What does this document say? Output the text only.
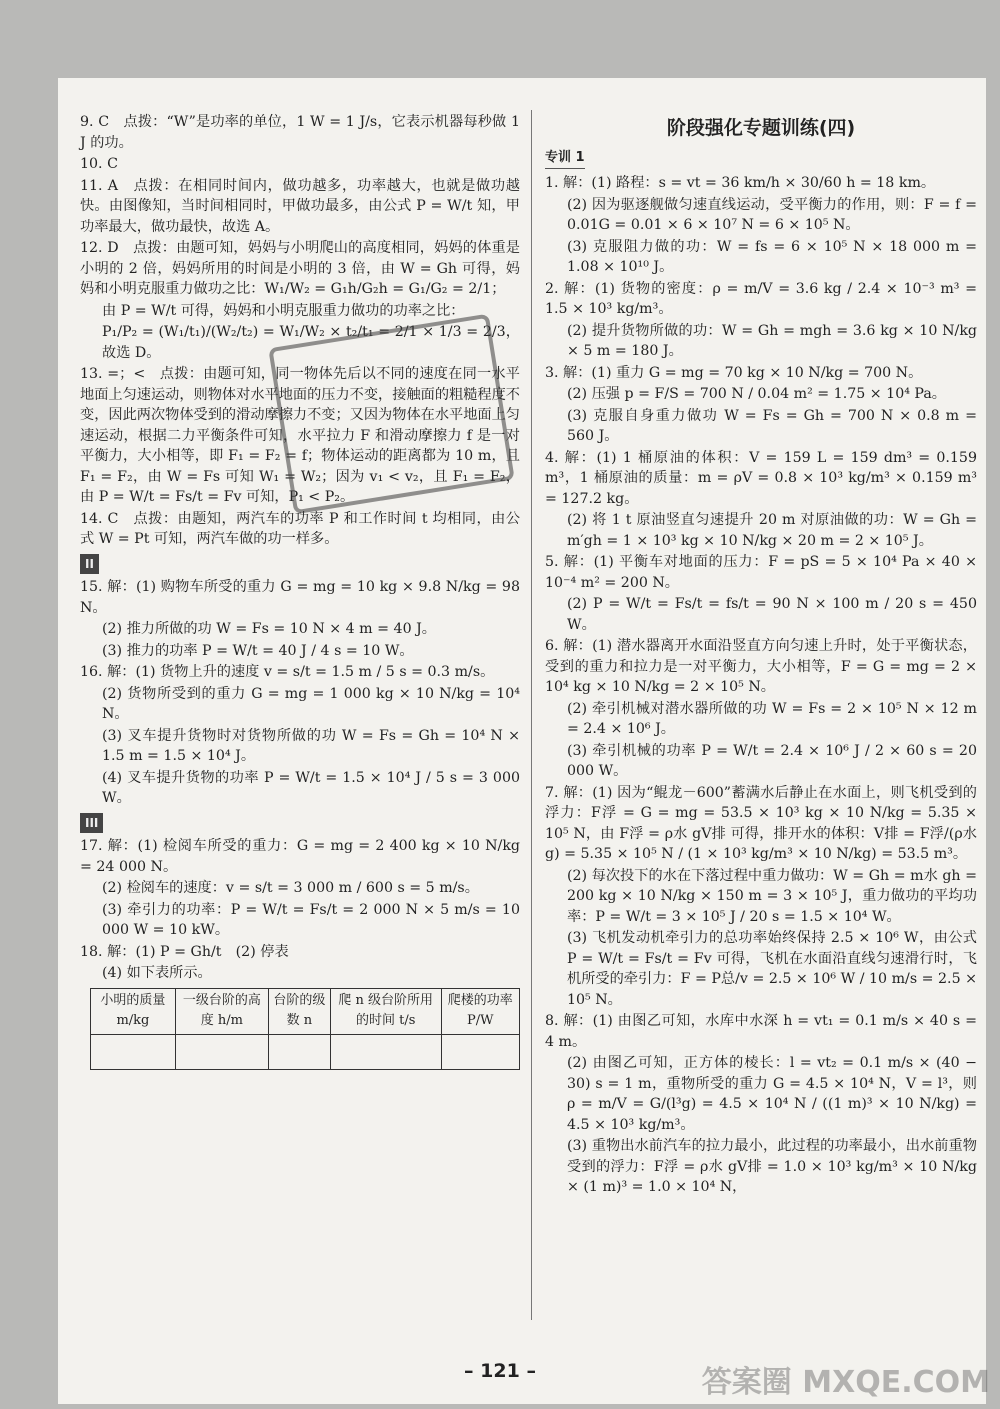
9. C　点拨：“W”是功率的单位，1 W = 1 J/s，它表示机器每秒做 1 J 的功。

10. C

11. A　点拨：在相同时间内，做功越多，功率越大，也就是做功越快。由图像知，当时间相同时，甲做功最多，由公式 P = W/t 知，甲功率最大，做功最快，故选 A。

12. D　点拨：由题可知，妈妈与小明爬山的高度相同，妈妈的体重是小明的 2 倍，妈妈所用的时间是小明的 3 倍，由 W = Gh 可得，妈妈和小明克服重力做功之比：W₁/W₂ = G₁h/G₂h = G₁/G₂ = 2/1；

由 P = W/t 可得，妈妈和小明克服重力做功的功率之比：

P₁/P₂ = (W₁/t₁)/(W₂/t₂) = W₁/W₂ × t₂/t₁ = 2/1 × 1/3 = 2/3，故选 D。

13. =；<　点拨：由题可知，同一物体先后以不同的速度在同一水平地面上匀速运动，则物体对水平地面的压力不变，接触面的粗糙程度不变，因此两次物体受到的滑动摩擦力不变；又因为物体在水平地面上匀速运动，根据二力平衡条件可知，水平拉力 F 和滑动摩擦力 f 是一对平衡力，大小相等，即 F₁ = F₂ = f；物体运动的距离都为 10 m，且 F₁ = F₂，由 W = Fs 可知 W₁ = W₂；因为 v₁ < v₂，且 F₁ = F₂，由 P = W/t = Fs/t = Fv 可知，P₁ < P₂。

14. C　点拨：由题知，两汽车的功率 P 和工作时间 t 均相同，由公式 W = Pt 可知，两汽车做的功一样多。

II

15. 解：(1) 购物车所受的重力 G = mg = 10 kg × 9.8 N/kg = 98 N。

(2) 推力所做的功 W = Fs = 10 N × 4 m = 40 J。

(3) 推力的功率 P = W/t = 40 J / 4 s = 10 W。

16. 解：(1) 货物上升的速度 v = s/t = 1.5 m / 5 s = 0.3 m/s。

(2) 货物所受到的重力 G = mg = 1 000 kg × 10 N/kg = 10⁴ N。

(3) 叉车提升货物时对货物所做的功 W = Fs = Gh = 10⁴ N × 1.5 m = 1.5 × 10⁴ J。

(4) 叉车提升货物的功率 P = W/t = 1.5 × 10⁴ J / 5 s = 3 000 W。

III

17. 解：(1) 检阅车所受的重力：G = mg = 2 400 kg × 10 N/kg = 24 000 N。

(2) 检阅车的速度：v = s/t = 3 000 m / 600 s = 5 m/s。

(3) 牵引力的功率：P = W/t = Fs/t = 2 000 N × 5 m/s = 10 000 W = 10 kW。

18. 解：(1) P = Gh/t　(2) 停表

(4) 如下表所示。

小明的质量 m/kg	一级台阶的高度 h/m	台阶的级数 n	爬 n 级台阶所用的时间 t/s	爬楼的功率 P/W

阶段强化专题训练(四)
专训 1

1. 解：(1) 路程：s = vt = 36 km/h × 30/60 h = 18 km。

(2) 因为驱逐舰做匀速直线运动，受平衡力的作用，则：F = f = 0.01G = 0.01 × 6 × 10⁷ N = 6 × 10⁵ N。

(3) 克服阻力做的功：W = fs = 6 × 10⁵ N × 18 000 m = 1.08 × 10¹⁰ J。

2. 解：(1) 货物的密度：ρ = m/V = 3.6 kg / 2.4 × 10⁻³ m³ = 1.5 × 10³ kg/m³。

(2) 提升货物所做的功：W = Gh = mgh = 3.6 kg × 10 N/kg × 5 m = 180 J。

3. 解：(1) 重力 G = mg = 70 kg × 10 N/kg = 700 N。

(2) 压强 p = F/S = 700 N / 0.04 m² = 1.75 × 10⁴ Pa。

(3) 克服自身重力做功 W = Fs = Gh = 700 N × 0.8 m = 560 J。

4. 解：(1) 1 桶原油的体积：V = 159 L = 159 dm³ = 0.159 m³，1 桶原油的质量：m = ρV = 0.8 × 10³ kg/m³ × 0.159 m³ = 127.2 kg。

(2) 将 1 t 原油竖直匀速提升 20 m 对原油做的功：W = Gh = m′gh = 1 × 10³ kg × 10 N/kg × 20 m = 2 × 10⁵ J。

5. 解：(1) 平衡车对地面的压力：F = pS = 5 × 10⁴ Pa × 40 × 10⁻⁴ m² = 200 N。

(2) P = W/t = Fs/t = fs/t = 90 N × 100 m / 20 s = 450 W。

6. 解：(1) 潜水器离开水面沿竖直方向匀速上升时，处于平衡状态，受到的重力和拉力是一对平衡力，大小相等，F = G = mg = 2 × 10⁴ kg × 10 N/kg = 2 × 10⁵ N。

(2) 牵引机械对潜水器所做的功 W = Fs = 2 × 10⁵ N × 12 m = 2.4 × 10⁶ J。

(3) 牵引机械的功率 P = W/t = 2.4 × 10⁶ J / 2 × 60 s = 20 000 W。

7. 解：(1) 因为“鲲龙－600”蓄满水后静止在水面上，则飞机受到的浮力：F浮 = G = mg = 53.5 × 10³ kg × 10 N/kg = 5.35 × 10⁵ N，由 F浮 = ρ水 gV排 可得，排开水的体积：V排 = F浮/(ρ水 g) = 5.35 × 10⁵ N / (1 × 10³ kg/m³ × 10 N/kg) = 53.5 m³。

(2) 每次投下的水在下落过程中重力做功：W = Gh = m水 gh = 200 kg × 10 N/kg × 150 m = 3 × 10⁵ J，重力做功的平均功率：P = W/t = 3 × 10⁵ J / 20 s = 1.5 × 10⁴ W。

(3) 飞机发动机牵引力的总功率始终保持 2.5 × 10⁶ W，由公式 P = W/t = Fs/t = Fv 可得，飞机在水面沿直线匀速滑行时，飞机所受的牵引力：F = P总/v = 2.5 × 10⁶ W / 10 m/s = 2.5 × 10⁵ N。

8. 解：(1) 由图乙可知，水库中水深 h = vt₁ = 0.1 m/s × 40 s = 4 m。

(2) 由图乙可知，正方体的棱长：l = vt₂ = 0.1 m/s × (40 − 30) s = 1 m，重物所受的重力 G = 4.5 × 10⁴ N，V = l³，则 ρ = m/V = G/(l³g) = 4.5 × 10⁴ N / ((1 m)³ × 10 N/kg) = 4.5 × 10³ kg/m³。

(3) 重物出水前汽车的拉力最小，此过程的功率最小，出水前重物受到的浮力：F浮 = ρ水 gV排 = 1.0 × 10³ kg/m³ × 10 N/kg × (1 m)³ = 1.0 × 10⁴ N，

– 121 –	答案圈 MXQE.COM
